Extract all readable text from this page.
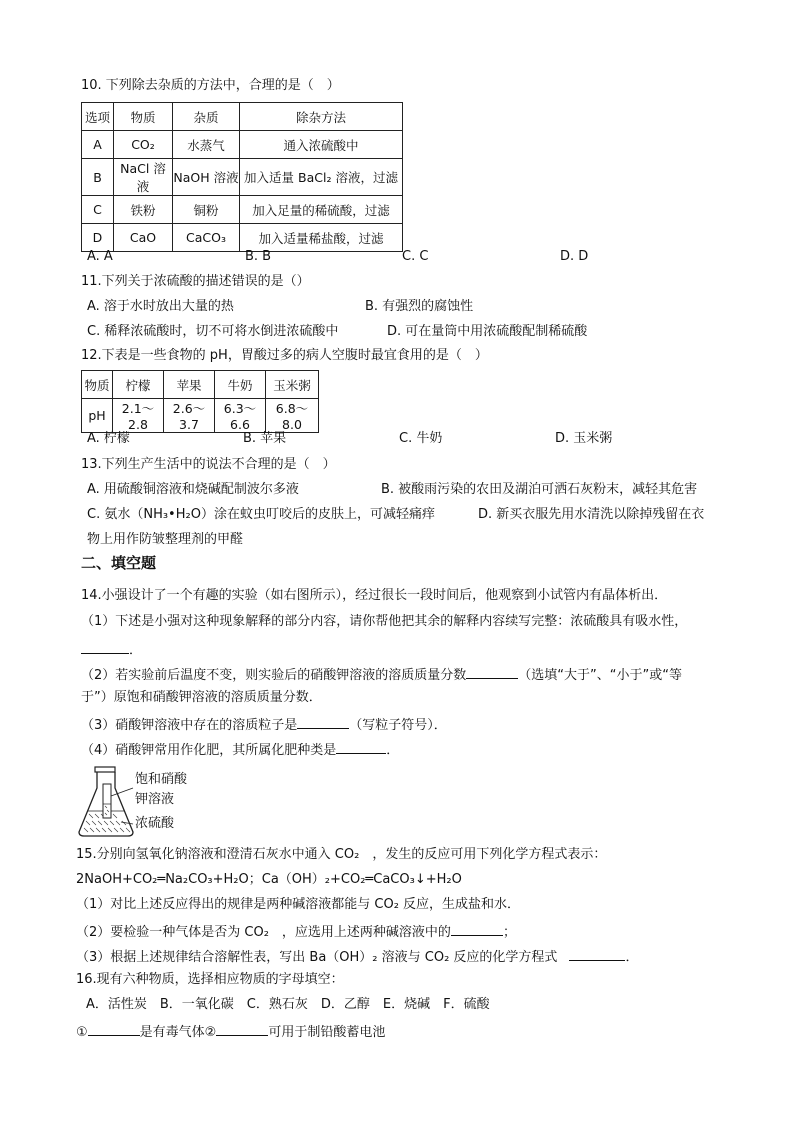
10. 下列除去杂质的方法中，合理的是（　）
选项	物质	杂质	除杂方法
A	CO₂	水蒸气	通入浓硫酸中
B	NaCl 溶液	NaOH 溶液	加入适量 BaCl₂ 溶液，过滤
C	铁粉	铜粉	加入足量的稀硫酸，过滤
D	CaO	CaCO₃	加入适量稀盐酸，过滤
A. A	B. B	C. C	D. D
11.下列关于浓硫酸的描述错误的是（）
A. 溶于水时放出大量的热	B. 有强烈的腐蚀性
C. 稀释浓硫酸时，切不可将水倒进浓硫酸中	D. 可在量筒中用浓硫酸配制稀硫酸
12.下表是一些食物的 pH，胃酸过多的病人空腹时最宜食用的是（　）
物质	柠檬	苹果	牛奶	玉米粥
pH	2.1～2.8	2.6～3.7	6.3～6.6	6.8～8.0
A. 柠檬	B. 苹果	C. 牛奶	D. 玉米粥
13.下列生产生活中的说法不合理的是（　）
A. 用硫酸铜溶液和烧碱配制波尔多液	B. 被酸雨污染的农田及湖泊可洒石灰粉末，减轻其危害
C. 氨水（NH₃•H₂O）涂在蚊虫叮咬后的皮肤上，可减轻痛痒	D. 新买衣服先用水清洗以除掉残留在衣
物上用作防皱整理剂的甲醛
二、填空题
14.小强设计了一个有趣的实验（如右图所示），经过很长一段时间后，他观察到小试管内有晶体析出．
（1）下述是小强对这种现象解释的部分内容，请你帮他把其余的解释内容续写完整：浓硫酸具有吸水性，
．
（2）若实验前后温度不变，则实验后的硝酸钾溶液的溶质质量分数	（选填“大于”、“小于”或“等
于”）原饱和硝酸钾溶液的溶质质量分数．
（3）硝酸钾溶液中存在的溶质粒子是	（写粒子符号）．
（4）硝酸钾常用作化肥，其所属化肥种类是	．
饱和硝酸
钾溶液
浓硫酸
15.分别向氢氧化钠溶液和澄清石灰水中通入 CO₂　，发生的反应可用下列化学方程式表示：
2NaOH+CO₂═Na₂CO₃+H₂O；Ca（OH）₂+CO₂═CaCO₃↓+H₂O
（1）对比上述反应得出的规律是两种碱溶液都能与 CO₂ 反应，生成盐和水．
（2）要检验一种气体是否为 CO₂　，应选用上述两种碱溶液中的	；
（3）根据上述规律结合溶解性表，写出 Ba（OH）₂ 溶液与 CO₂ 反应的化学方程式	．
16.现有六种物质，选择相应物质的字母填空：
A．活性炭　B．一氧化碳　C．熟石灰　D．乙醇　E．烧碱　F．硫酸
①	是有毒气体②	可用于制铅酸蓄电池
